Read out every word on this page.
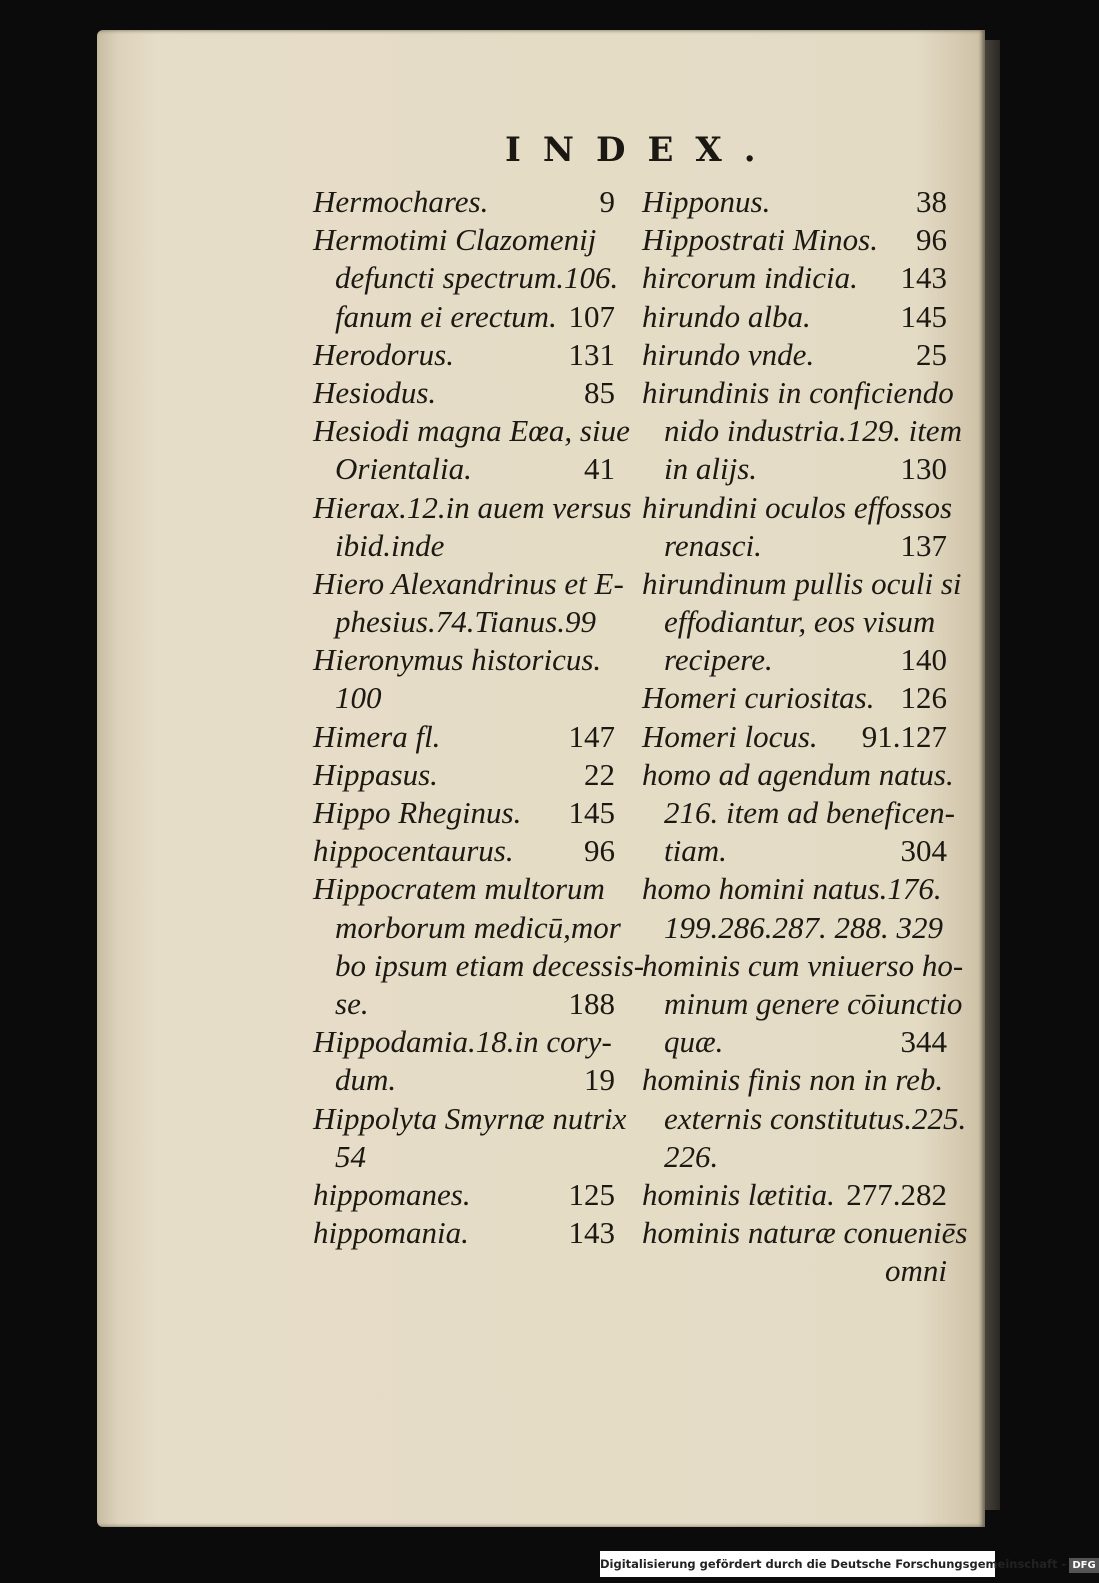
INDEX.
Hermochares.	9
Hermotimi Clazomenij
defuncti spectrum.106.
fanum ei erectum. 107
Herodorus.	131
Hesiodus.	85
Hesiodi magna Eœa, siue
Orientalia.	41
Hierax.12.in auem versus
ibid.inde
Hiero Alexandrinus et E-
phesius.74.Tianus.99
Hieronymus historicus.
100
Himera fl.	147
Hippasus.	22
Hippo Rheginus. 145
hippocentaurus. 96
Hippocratem multorum
morborum medicū,mor
bo ipsum etiam decessis-
se.	188
Hippodamia.18.in cory-
dum.	19
Hippolyta Smyrnæ nutrix
54
hippomanes.	125
hippomania.	143
Hipponus.	38
Hippostrati Minos. 96
hircorum indicia. 143
hirundo alba.	145
hirundo vnde.	25
hirundinis in conficiendo
nido industria.129. item
in alijs.	130
hirundini oculos effossos
renasci.	137
hirundinum pullis oculi si
effodiantur, eos visum
recipere.	140
Homeri curiositas. 126
Homeri locus. 91.127
homo ad agendum natus.
216. item ad beneficen-
tiam.	304
homo homini natus.176.
199.286.287. 288. 329
hominis cum vniuerso ho-
minum genere cōiunctio
quæ.	344
hominis finis non in reb.
externis constitutus.225.
226.
hominis lætitia. 277.282
hominis naturæ conueniēs
omni
Digitalisierung gefördert durch die Deutsche Forschungsgemeinschaft - DFG
